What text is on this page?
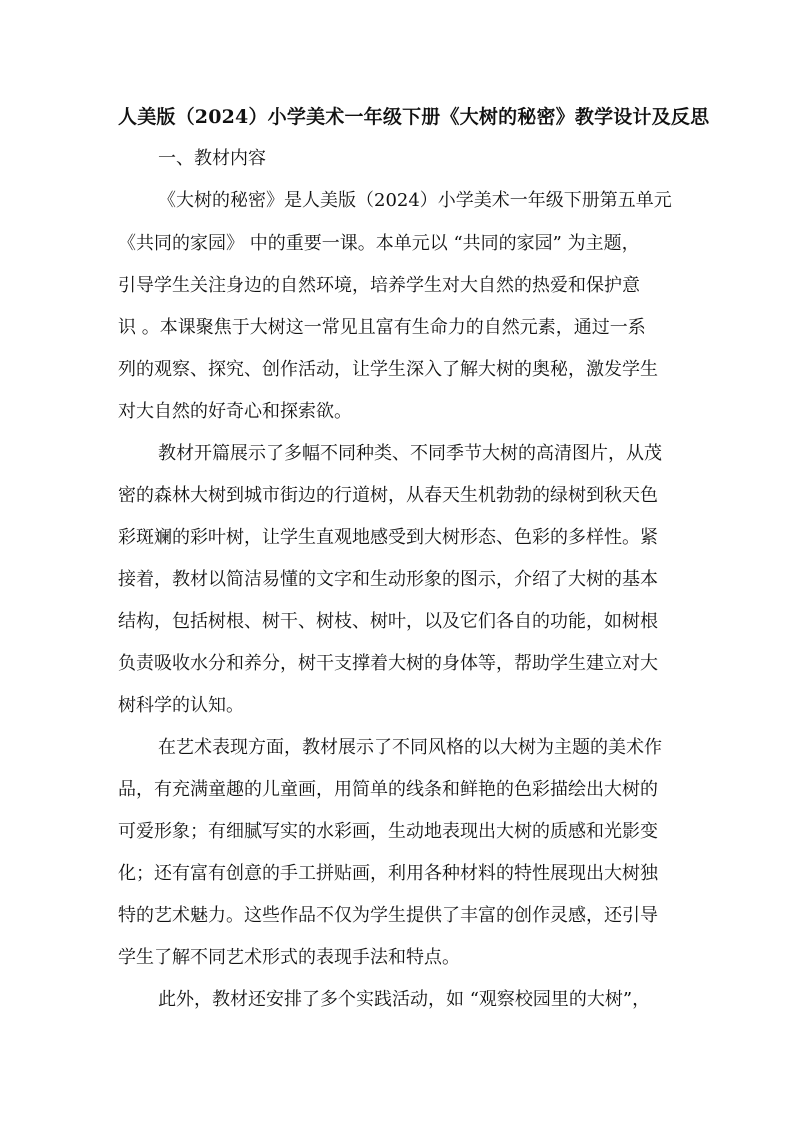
人美版（2024）小学美术一年级下册《大树的秘密》教学设计及反思
一、教材内容

《大树的秘密》是人美版（2024）小学美术一年级下册第五单元

《共同的家园》 中的重要一课。本单元以 “共同的家园” 为主题，

引导学生关注身边的自然环境，培养学生对大自然的热爱和保护意

识 。本课聚焦于大树这一常见且富有生命力的自然元素，通过一系

列的观察、探究、创作活动，让学生深入了解大树的奥秘，激发学生

对大自然的好奇心和探索欲。

教材开篇展示了多幅不同种类、不同季节大树的高清图片，从茂

密的森林大树到城市街边的行道树，从春天生机勃勃的绿树到秋天色

彩斑斓的彩叶树，让学生直观地感受到大树形态、色彩的多样性。紧

接着，教材以简洁易懂的文字和生动形象的图示，介绍了大树的基本

结构，包括树根、树干、树枝、树叶，以及它们各自的功能，如树根

负责吸收水分和养分，树干支撑着大树的身体等，帮助学生建立对大

树科学的认知。

在艺术表现方面，教材展示了不同风格的以大树为主题的美术作

品，有充满童趣的儿童画，用简单的线条和鲜艳的色彩描绘出大树的

可爱形象；有细腻写实的水彩画，生动地表现出大树的质感和光影变

化；还有富有创意的手工拼贴画，利用各种材料的特性展现出大树独

特的艺术魅力。这些作品不仅为学生提供了丰富的创作灵感，还引导

学生了解不同艺术形式的表现手法和特点。

此外，教材还安排了多个实践活动，如 “观察校园里的大树”，
